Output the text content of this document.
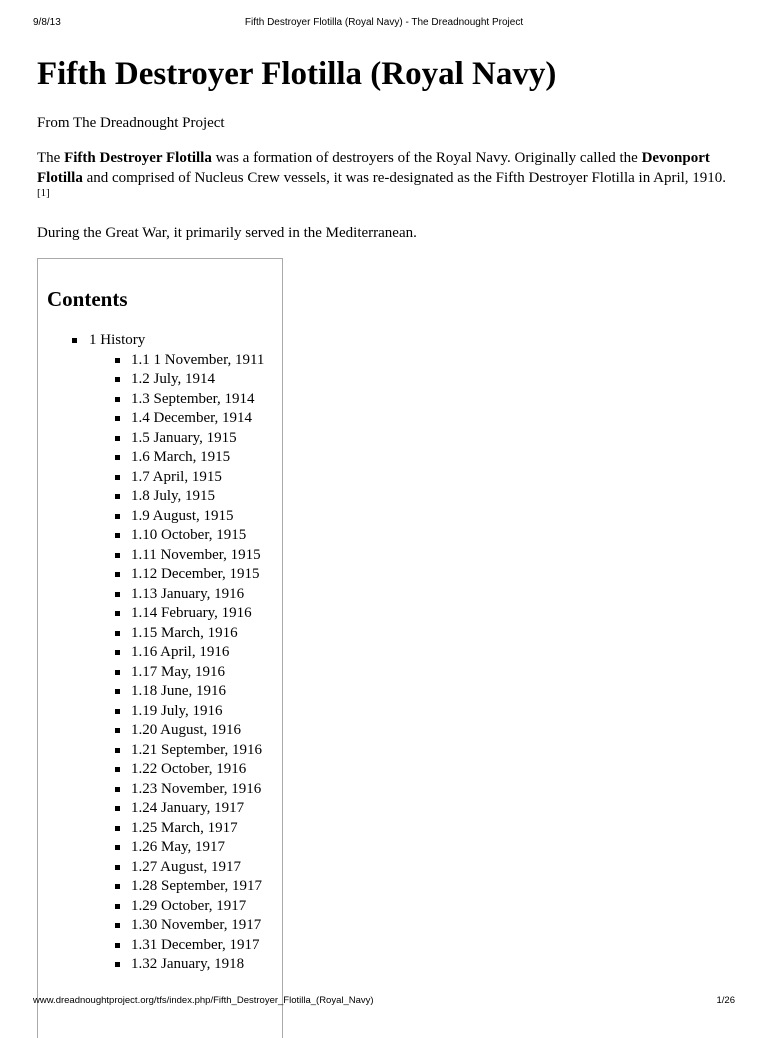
9/8/13	Fifth Destroyer Flotilla (Royal Navy) - The Dreadnought Project
Fifth Destroyer Flotilla (Royal Navy)
From The Dreadnought Project

The Fifth Destroyer Flotilla was a formation of destroyers of the Royal Navy. Originally called the Devonport Flotilla and comprised of Nucleus Crew vessels, it was re-designated as the Fifth Destroyer Flotilla in April, 1910.[1]

During the Great War, it primarily served in the Mediterranean.

Contents
1 History
1.1 1 November, 1911
1.2 July, 1914
1.3 September, 1914
1.4 December, 1914
1.5 January, 1915
1.6 March, 1915
1.7 April, 1915
1.8 July, 1915
1.9 August, 1915
1.10 October, 1915
1.11 November, 1915
1.12 December, 1915
1.13 January, 1916
1.14 February, 1916
1.15 March, 1916
1.16 April, 1916
1.17 May, 1916
1.18 June, 1916
1.19 July, 1916
1.20 August, 1916
1.21 September, 1916
1.22 October, 1916
1.23 November, 1916
1.24 January, 1917
1.25 March, 1917
1.26 May, 1917
1.27 August, 1917
1.28 September, 1917
1.29 October, 1917
1.30 November, 1917
1.31 December, 1917
1.32 January, 1918
www.dreadnoughtproject.org/tfs/index.php/Fifth_Destroyer_Flotilla_(Royal_Navy)	1/26
